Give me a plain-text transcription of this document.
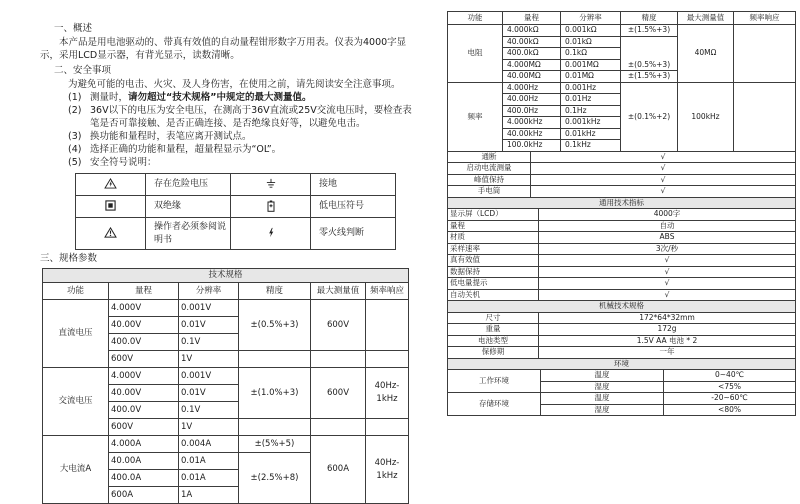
一、概述

本产品是用电池驱动的、带真有效值的自动量程钳形数字万用表。仪表为4000字显示，采用LCD显示器，有背光显示，读数清晰。

二、安全事项
为避免可能的电击、火灾、及人身伤害，在使用之前，请先阅读安全注意事项。
(1) 测量时，请勿超过“技术规格”中规定的最大测量值。
(2) 36V以下的电压为安全电压，在测高于36V直流或25V交流电压时，要检查表笔是否可靠接触、是否正确连接、是否绝缘良好等，以避免电击。
(3) 换功能和量程时，表笔应离开测试点。
(4) 选择正确的功能和量程，超量程显示为“OL”。
(5) 安全符号说明：
	存在危险电压		接地
	双绝缘		低电压符号
	操作者必须参阅说明书		零火线判断
三、规格参数
技术规格					
功能	量程	分辨率	精度	最大测量值	频率响应
直流电压	4.000V	0.001V	±(0.5%+3)	600V	
	40.00V	0.01V			
	400.0V	0.1V			
	600V	1V			
交流电压	4.000V	0.001V	±(1.0%+3)	600V	40Hz-1kHz
	40.00V	0.01V			
	400.0V	0.1V			
	600V	1V			
大电流A	4.000A	0.004A	±(5%+5)	600A	40Hz-1kHz
	40.00A	0.01A	±(2.5%+8)		
	400.0A	0.01A			
	600A	1A			
功能	量程	分辨率	精度	最大测量值	频率响应
电阻	4.000kΩ	0.001kΩ	±(1.5%+3)	40MΩ	
	40.00kΩ	0.01kΩ	±(0.5%+3)		
	400.0kΩ	0.1kΩ			
	4.000MΩ	0.001MΩ			
	40.00MΩ	0.01MΩ	±(1.5%+3)		
频率	4.000Hz	0.001Hz	±(0.1%+2)	100kHz	
	40.00Hz	0.01Hz			
	400.0Hz	0.1Hz			
	4.000kHz	0.001kHz			
	40.00kHz	0.01kHz			
	100.0kHz	0.1kHz			
通断	√
启动电流测量	√
峰值保持	√
手电筒	√
通用技术指标	
显示屏（LCD）	4000字
量程	自动
材质	ABS
采样速率	3次/秒
真有效值	√
数据保持	√
低电量提示	√
自动关机	√
机械技术规格	
尺寸	172*64*32mm
重量	172g
电池类型	1.5V AA 电池 * 2
保修期	一年
环境		
工作环境	温度	0~40℃
	湿度	<75%
存储环境	温度	-20~60℃
	湿度	<80%
